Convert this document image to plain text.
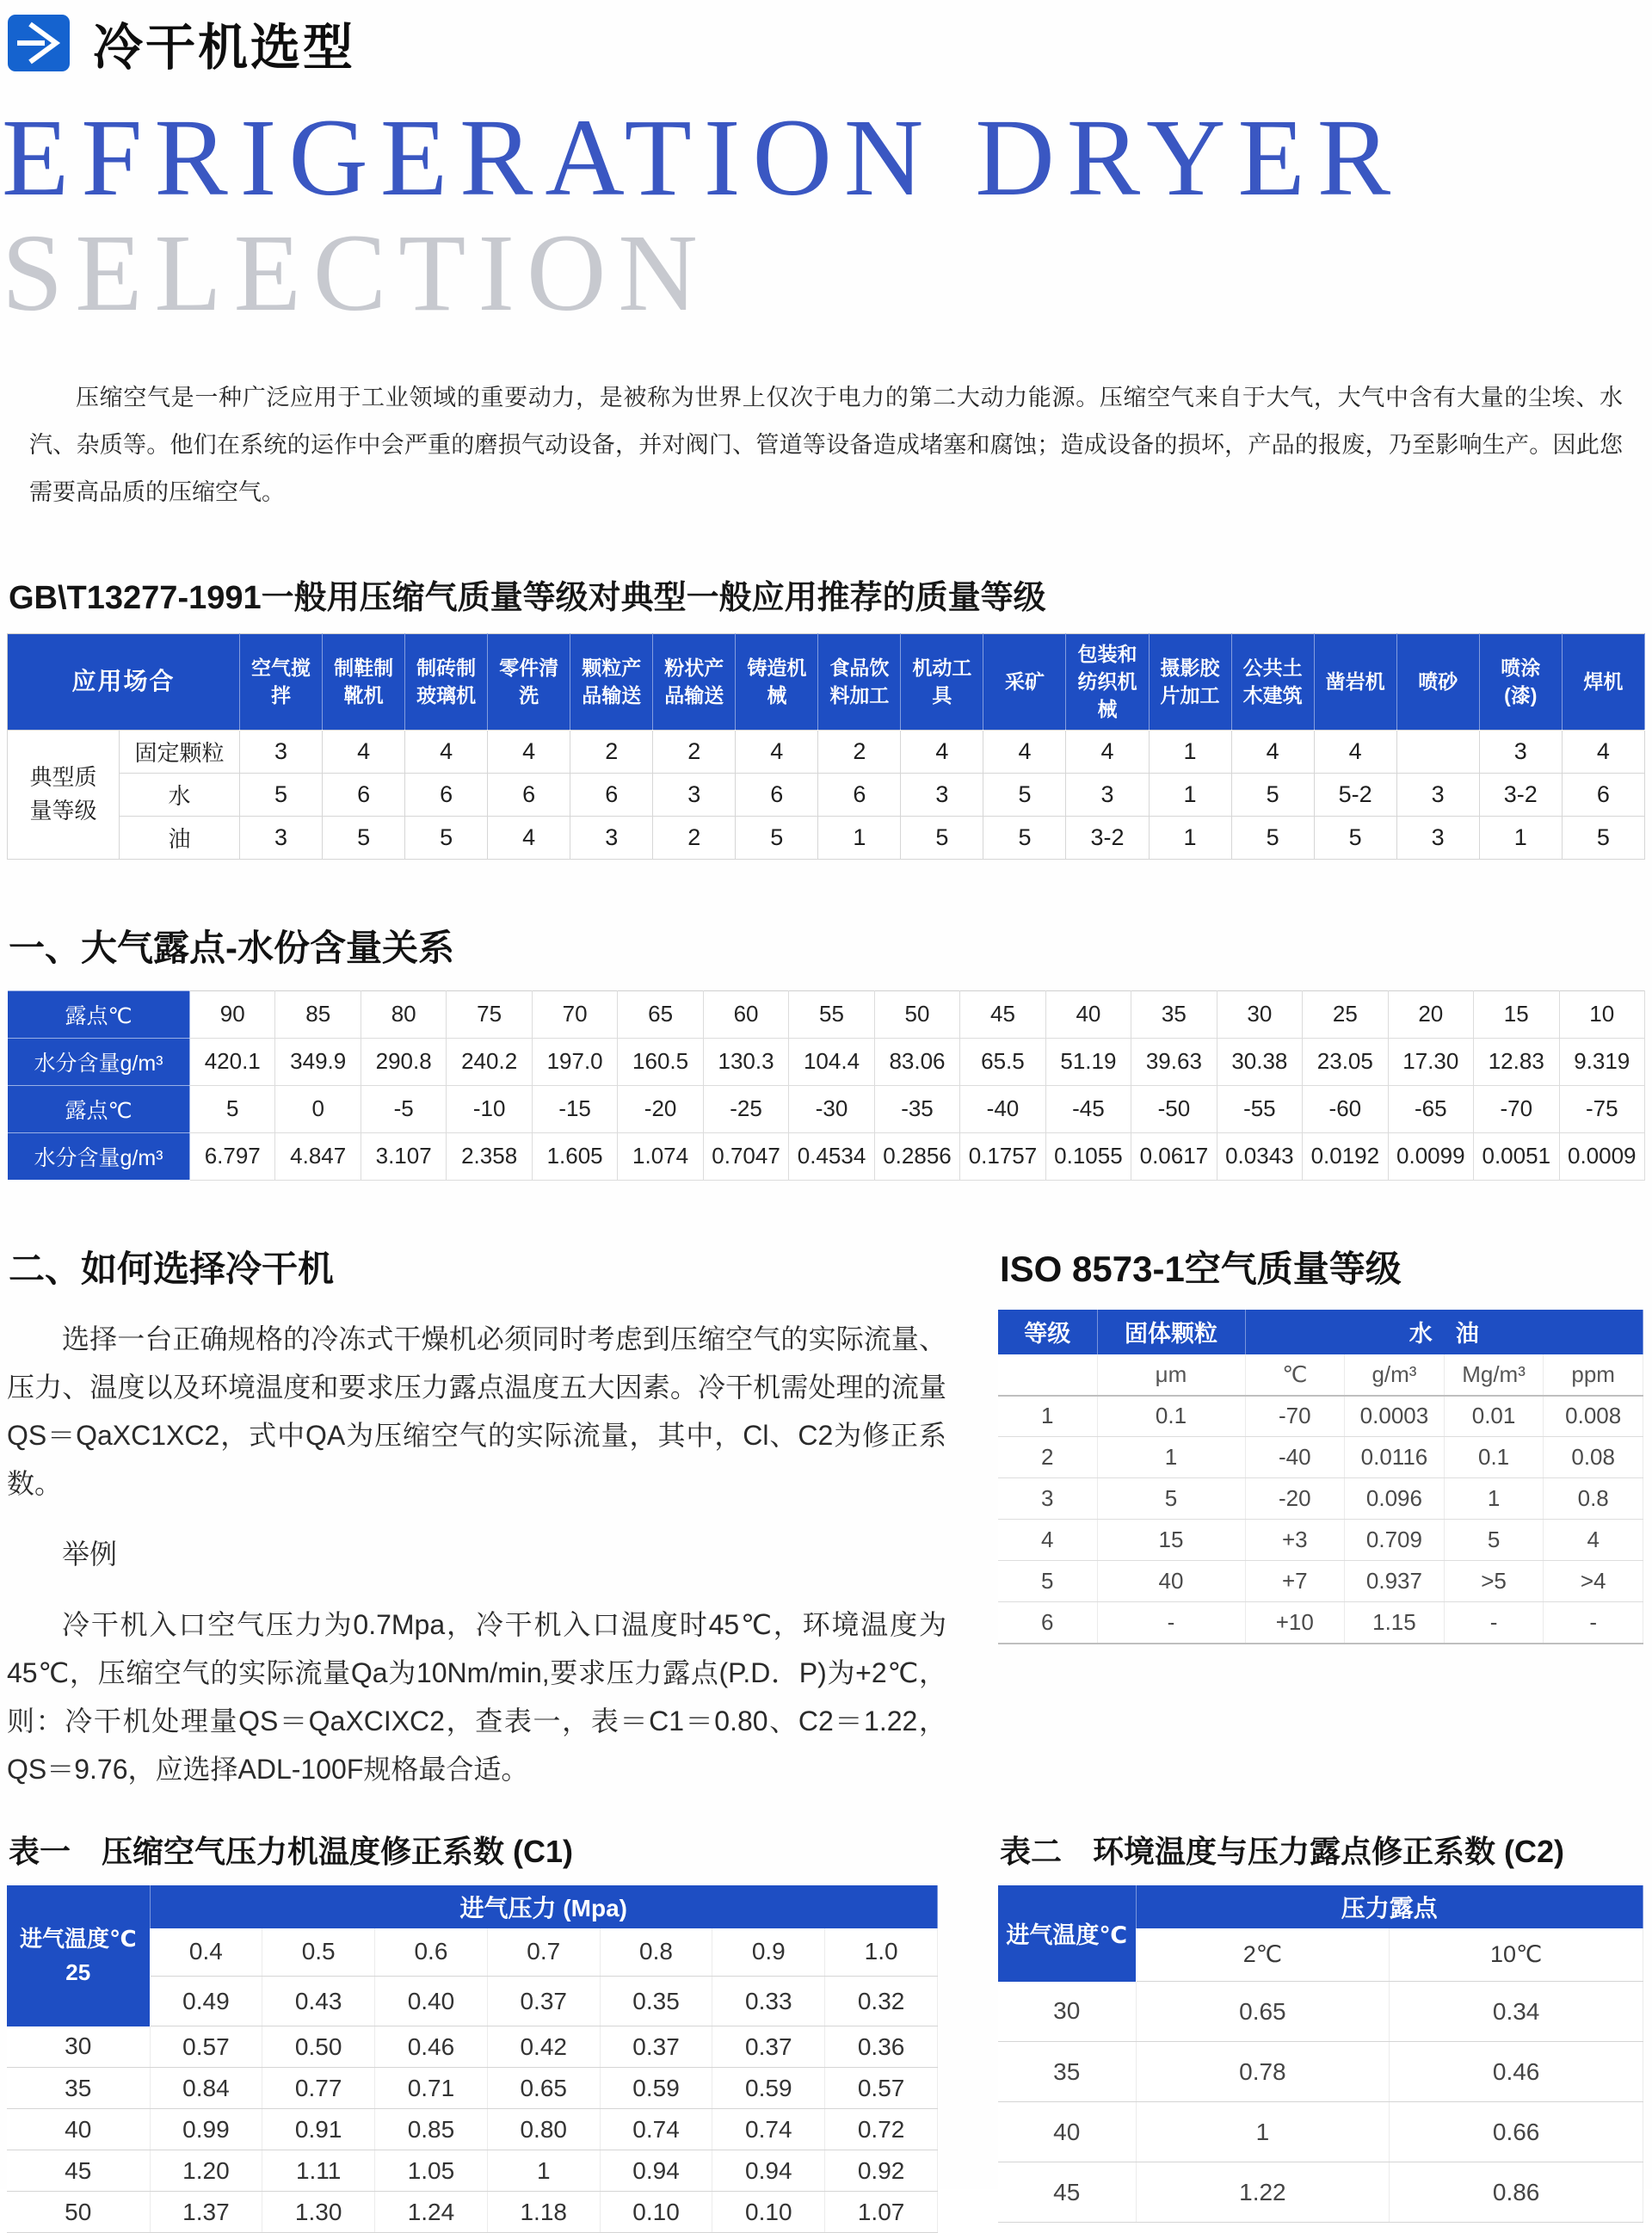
冷干机选型
EFRIGERATION DRYER
SELECTION

压缩空气是一种广泛应用于工业领域的重要动力，是被称为世界上仅次于电力的第二大动力能源。压缩空气来自于大气，大气中含有大量的尘埃、水汽、杂质等。他们在系统的运作中会严重的磨损气动设备，并对阀门、管道等设备造成堵塞和腐蚀；造成设备的损坏，产品的报废，乃至影响生产。因此您需要高品质的压缩空气。

GB\T13277-1991一般用压缩气质量等级对典型一般应用推荐的质量等级
应用场合		空气搅拌	制鞋制靴机	制砖制玻璃机	零件清洗	颗粒产品输送	粉状产品输送	铸造机械	食品饮料加工	机动工具	采矿	包装和纺织机械	摄影胶片加工	公共土木建筑	凿岩机	喷砂	喷涂(漆)	焊机
典型质量等级	固定颗粒	3	4	4	4	2	2	4	2	4	4	4	1	4	4		3	4
	水	5	6	6	6	6	3	6	6	3	5	3	1	5	5-2	3	3-2	6
	油	3	5	5	4	3	2	5	1	5	5	3-2	1	5	5	3	1	5
一、大气露点-水份含量关系
露点℃	90	85	80	75	70	65	60	55	50	45	40	35	30	25	20	15	10
水分含量g/m³	420.1	349.9	290.8	240.2	197.0	160.5	130.3	104.4	83.06	65.5	51.19	39.63	30.38	23.05	17.30	12.83	9.319
露点℃	5	0	-5	-10	-15	-20	-25	-30	-35	-40	-45	-50	-55	-60	-65	-70	-75
水分含量g/m³	6.797	4.847	3.107	2.358	1.605	1.074	0.7047	0.4534	0.2856	0.1757	0.1055	0.0617	0.0343	0.0192	0.0099	0.0051	0.0009
二、如何选择冷干机

选择一台正确规格的冷冻式干燥机必须同时考虑到压缩空气的实际流量、压力、温度以及环境温度和要求压力露点温度五大因素。冷干机需处理的流量QS＝QaXC1XC2，式中QA为压缩空气的实际流量，其中，Cl、C2为修正系数。

举例

冷干机入口空气压力为0.7Mpa，冷干机入口温度时45℃，环境温度为45℃，压缩空气的实际流量Qa为10Nm/min,要求压力露点(P.D．P)为+2℃，则：冷干机处理量QS＝QaXCIXC2，查表一，表＝C1＝0.80、C2＝1.22，QS＝9.76，应选择ADL-100F规格最合适。

ISO 8573-1空气质量等级
等级	固体颗粒	水　油			
	μm	℃	g/m³	Mg/m³	ppm
1	0.1	-70	0.0003	0.01	0.008
2	1	-40	0.0116	0.1	0.08
3	5	-20	0.096	1	0.8
4	15	+3	0.709	5	4
5	40	+7	0.937	>5	>4
6	-	+10	1.15	-	-
表一　压缩空气压力机温度修正系数 (C1)
进气温度℃
25	进气压力 (Mpa)						
	0.4	0.5	0.6	0.7	0.8	0.9	1.0
	0.49	0.43	0.40	0.37	0.35	0.33	0.32
30	0.57	0.50	0.46	0.42	0.37	0.37	0.36
35	0.84	0.77	0.71	0.65	0.59	0.59	0.57
40	0.99	0.91	0.85	0.80	0.74	0.74	0.72
45	1.20	1.11	1.05	1	0.94	0.94	0.92
50	1.37	1.30	1.24	1.18	0.10	0.10	1.07
表二　环境温度与压力露点修正系数 (C2)
进气温度℃	压力露点	
	2℃	10℃
30	0.65	0.34
35	0.78	0.46
40	1	0.66
45	1.22	0.86
